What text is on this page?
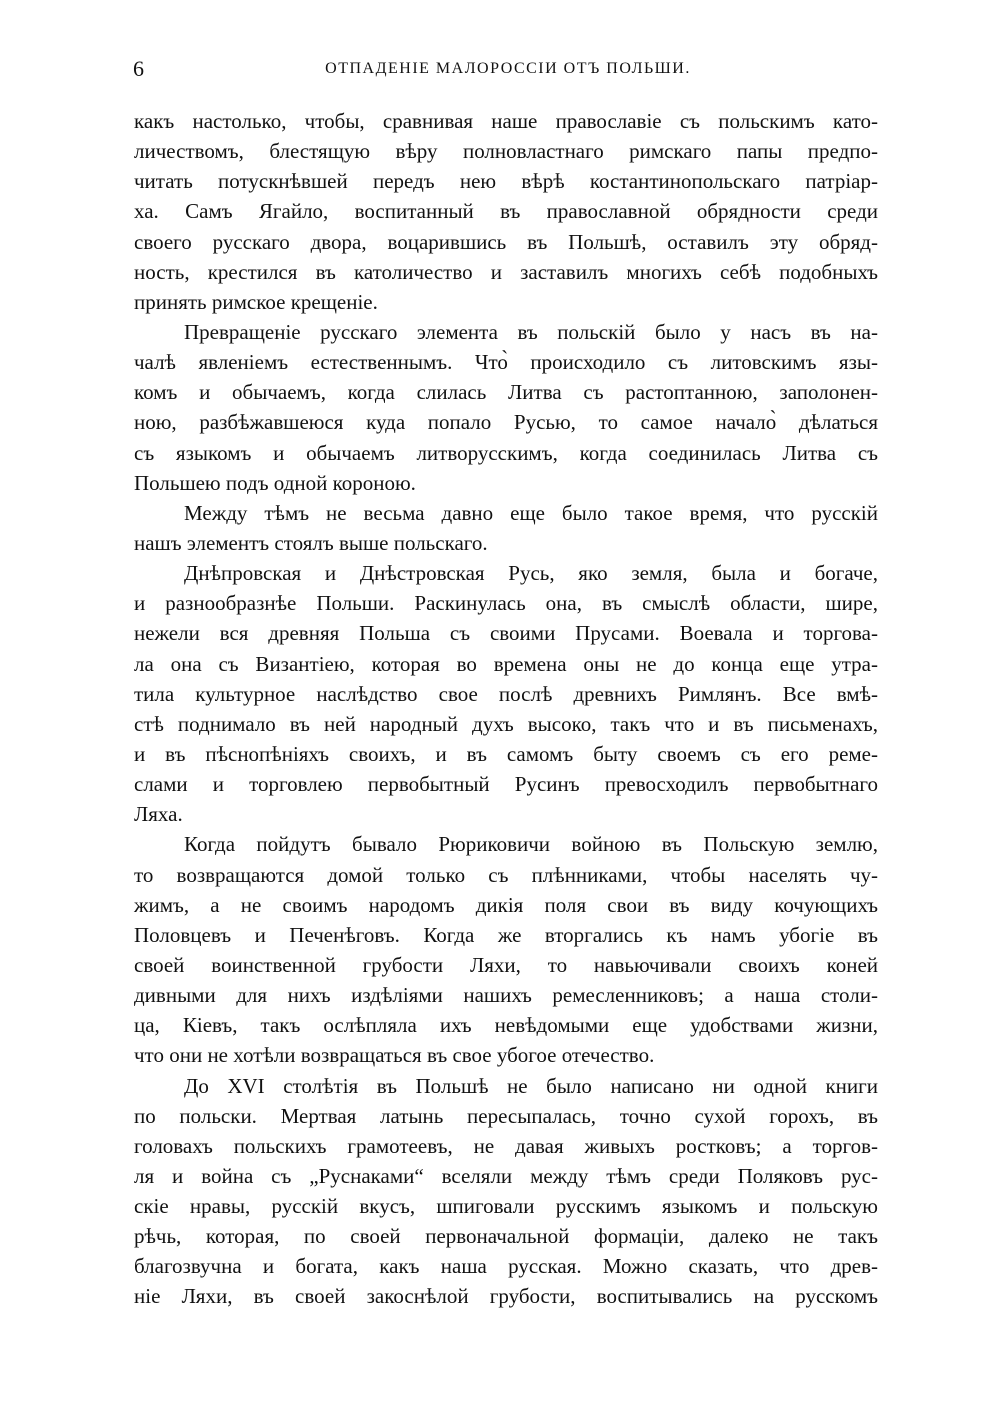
6	ОТПАДЕНІЕ МАЛОРОССІИ ОТЪ ПОЛЬШИ.
какъ настолько, чтобы, сравнивая наше православіе съ польскимъ като-
личествомъ, блестящую вѣру полновластнаго римскаго папы предпо-
читать потускнѣвшей передъ нею вѣрѣ костантинопольскаго патріар-
ха. Самъ Ягайло, воспитанный въ православной обрядности среди
своего русскаго двора, воцарившись въ Польшѣ, оставилъ эту обряд-
ность, крестился въ католичество и заставилъ многихъ себѣ подобныхъ
принять римское крещеніе.
Превращеніе русскаго элемента въ польскій было у насъ въ на-
чалѣ явленіемъ естественнымъ. Что̀ происходило съ литовскимъ язы-
комъ и обычаемъ, когда слилась Литва съ растоптанною, заполонен-
ною, разбѣжавшеюся куда попало Русью, то самое начало̀ дѣлаться
съ языкомъ и обычаемъ литворусскимъ, когда соединилась Литва съ
Польшею подъ одной короною.
Между тѣмъ не весьма давно еще было такое время, что русскій
нашъ элементъ стоялъ выше польскаго.
Днѣпровская и Днѣстровская Русь, яко земля, была и богаче,
и разнообразнѣе Польши. Раскинулась она, въ смыслѣ области, шире,
нежели вся древняя Польша съ своими Прусами. Воевала и торгова-
ла она съ Византіею, которая во времена оны не до конца еще утра-
тила культурное наслѣдство свое послѣ древнихъ Римлянъ. Все вмѣ-
стѣ поднимало въ ней народный духъ высоко, такъ что и въ письменахъ,
и въ пѣснопѣніяхъ своихъ, и въ самомъ быту своемъ съ его реме-
слами и торговлею первобытный Русинъ превосходилъ первобытнаго
Ляха.
Когда пойдутъ бывало Рюриковичи войною въ Польскую землю,
то возвращаются домой только съ плѣнниками, чтобы населять чу-
жимъ, а не своимъ народомъ дикія поля свои въ виду кочующихъ
Половцевъ и Печенѣговъ. Когда же вторгались къ намъ убогіе въ
своей воинственной грубости Ляхи, то навьючивали своихъ коней
дивными для нихъ издѣліями нашихъ ремесленниковъ; а наша столи-
ца, Кіевъ, такъ ослѣпляла ихъ невѣдомыми еще удобствами жизни,
что они не хотѣли возвращаться въ свое убогое отечество.
До XVI столѣтія въ Польшѣ не было написано ни одной книги
по польски. Мертвая латынь пересыпалась, точно сухой горохъ, въ
головахъ польскихъ грамотеевъ, не давая живыхъ ростковъ; а торгов-
ля и война съ „Руснаками“ вселяли между тѣмъ среди Поляковъ рус-
скіе нравы, русскій вкусъ, шпиговали русскимъ языкомъ и польскую
рѣчь, которая, по своей первоначальной формаціи, далеко не такъ
благозвучна и богата, какъ наша русская. Можно сказать, что древ-
ніе Ляхи, въ своей закоснѣлой грубости, воспитывались на русскомъ
